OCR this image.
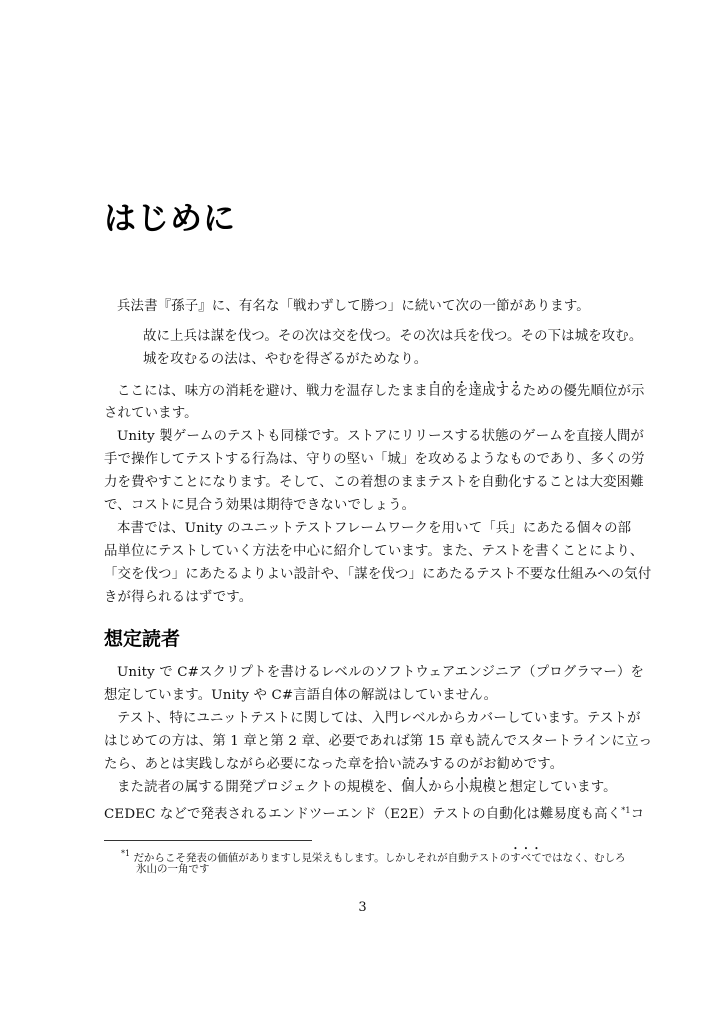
はじめに
兵法書『孫子』に、有名な「戦わずして勝つ」に続いて次の一節があります。
故に上兵は謀を伐つ。その次は交を伐つ。その次は兵を伐つ。その下は城を攻む。
城を攻むるの法は、やむを得ざるがためなり。
ここには、味方の消耗を避け、戦力を温存したまま目的を達成するための優先順位が示
されています。
Unity 製ゲームのテストも同様です。ストアにリリースする状態のゲームを直接人間が
手で操作してテストする行為は、守りの堅い「城」を攻めるようなものであり、多くの労
力を費やすことになります。そして、この着想のままテストを自動化することは大変困難
で、コストに見合う効果は期待できないでしょう。
本書では、Unity のユニットテストフレームワークを用いて「兵」にあたる個々の部
品単位にテストしていく方法を中心に紹介しています。また、テストを書くことにより、
「交を伐つ」にあたるよりよい設計や、「謀を伐つ」にあたるテスト不要な仕組みへの気付
きが得られるはずです。
想定読者
Unity で C#スクリプトを書けるレベルのソフトウェアエンジニア（プログラマー）を
想定しています。Unity や C#言語自体の解説はしていません。
テスト、特にユニットテストに関しては、入門レベルからカバーしています。テストが
はじめての方は、第 1 章と第 2 章、必要であれば第 15 章も読んでスタートラインに立っ
たら、あとは実践しながら必要になった章を拾い読みするのがお勧めです。
また読者の属する開発プロジェクトの規模を、個人から小規模と想定しています。
CEDEC などで発表されるエンドツーエンド（E2E）テストの自動化は難易度も高く$^{*1}$コ
$^{*1}$ だからこそ発表の価値がありますし見栄えもします。しかしそれが自動テストのすべてではなく、むしろ
氷山の一角です
3
